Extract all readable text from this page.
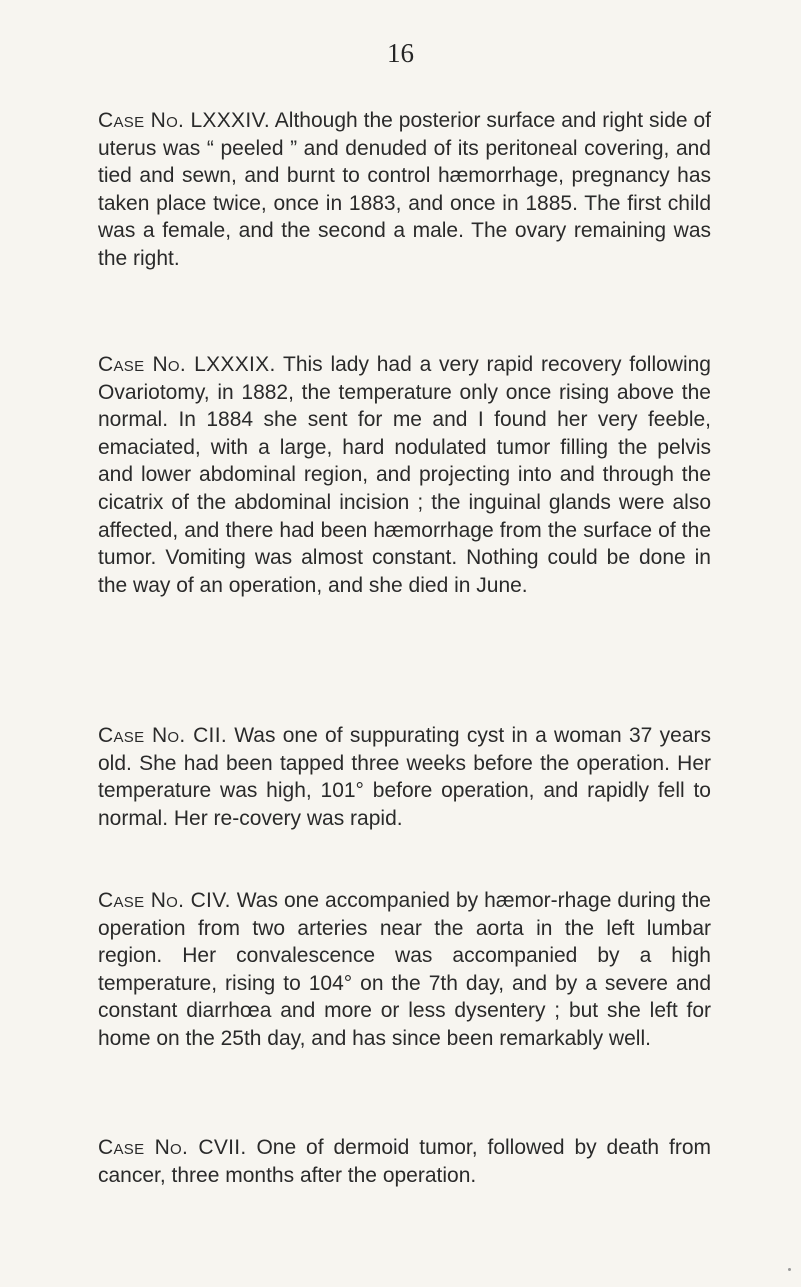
16

Case No. LXXXIV. Although the posterior surface and right side of uterus was “ peeled ” and denuded of its peritoneal covering, and tied and sewn, and burnt to control hæmorrhage, pregnancy has taken place twice, once in 1883, and once in 1885. The first child was a female, and the second a male. The ovary remaining was the right.

Case No. LXXXIX. This lady had a very rapid recovery following Ovariotomy, in 1882, the temperature only once rising above the normal. In 1884 she sent for me and I found her very feeble, emaciated, with a large, hard nodulated tumor filling the pelvis and lower abdominal region, and projecting into and through the cicatrix of the abdominal incision ; the inguinal glands were also affected, and there had been hæmorrhage from the surface of the tumor. Vomiting was almost constant. Nothing could be done in the way of an operation, and she died in June.

Case No. CII. Was one of suppurating cyst in a woman 37 years old. She had been tapped three weeks before the operation. Her temperature was high, 101° before operation, and rapidly fell to normal. Her re-covery was rapid.

Case No. CIV. Was one accompanied by hæmor-rhage during the operation from two arteries near the aorta in the left lumbar region. Her convalescence was accompanied by a high temperature, rising to 104° on the 7th day, and by a severe and constant diarrhœa and more or less dysentery ; but she left for home on the 25th day, and has since been remarkably well.

Case No. CVII. One of dermoid tumor, followed by death from cancer, three months after the operation.
